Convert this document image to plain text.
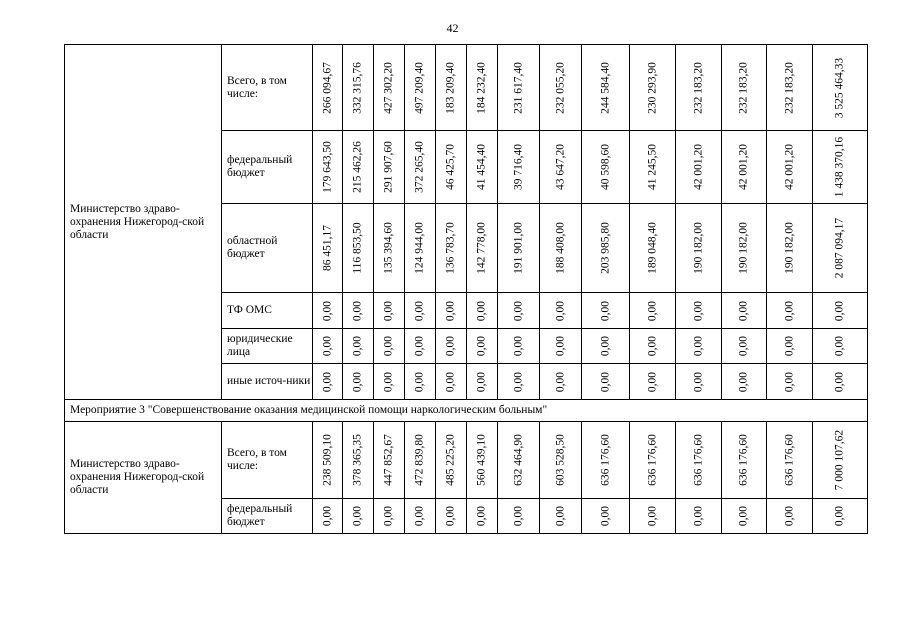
42
Министерство здраво-охранения Нижегород-ской области	Всего, в том числе:	266 094,67	332 315,76	427 302,20	497 209,40	183 209,40	184 232,40	231 617,40	232 055,20	244 584,40	230 293,90	232 183,20	232 183,20	232 183,20	3 525 464,33

	федеральный бюджет	179 643,50	215 462,26	291 907,60	372 265,40	46 425,70	41 454,40	39 716,40	43 647,20	40 598,60	41 245,50	42 001,20	42 001,20	42 001,20	1 438 370,16

	областной бюджет	86 451,17	116 853,50	135 394,60	124 944,00	136 783,70	142 778,00	191 901,00	188 408,00	203 985,80	189 048,40	190 182,00	190 182,00	190 182,00	2 087 094,17

	ТФ ОМС	0,00	0,00	0,00	0,00	0,00	0,00	0,00	0,00	0,00	0,00	0,00	0,00	0,00	0,00

	юридические лица	0,00	0,00	0,00	0,00	0,00	0,00	0,00	0,00	0,00	0,00	0,00	0,00	0,00	0,00

	иные источ-ники	0,00	0,00	0,00	0,00	0,00	0,00	0,00	0,00	0,00	0,00	0,00	0,00	0,00	0,00

Мероприятие 3 "Совершенствование оказания медицинской помощи наркологическим больным"															
Министерство здраво-охранения Нижегород-ской области	Всего, в том числе:	238 509,10	378 365,35	447 852,67	472 839,80	485 225,20	560 439,10	632 464,90	603 528,50	636 176,60	636 176,60	636 176,60	636 176,60	636 176,60	7 000 107,62

	федеральный бюджет	0,00	0,00	0,00	0,00	0,00	0,00	0,00	0,00	0,00	0,00	0,00	0,00	0,00	0,00
